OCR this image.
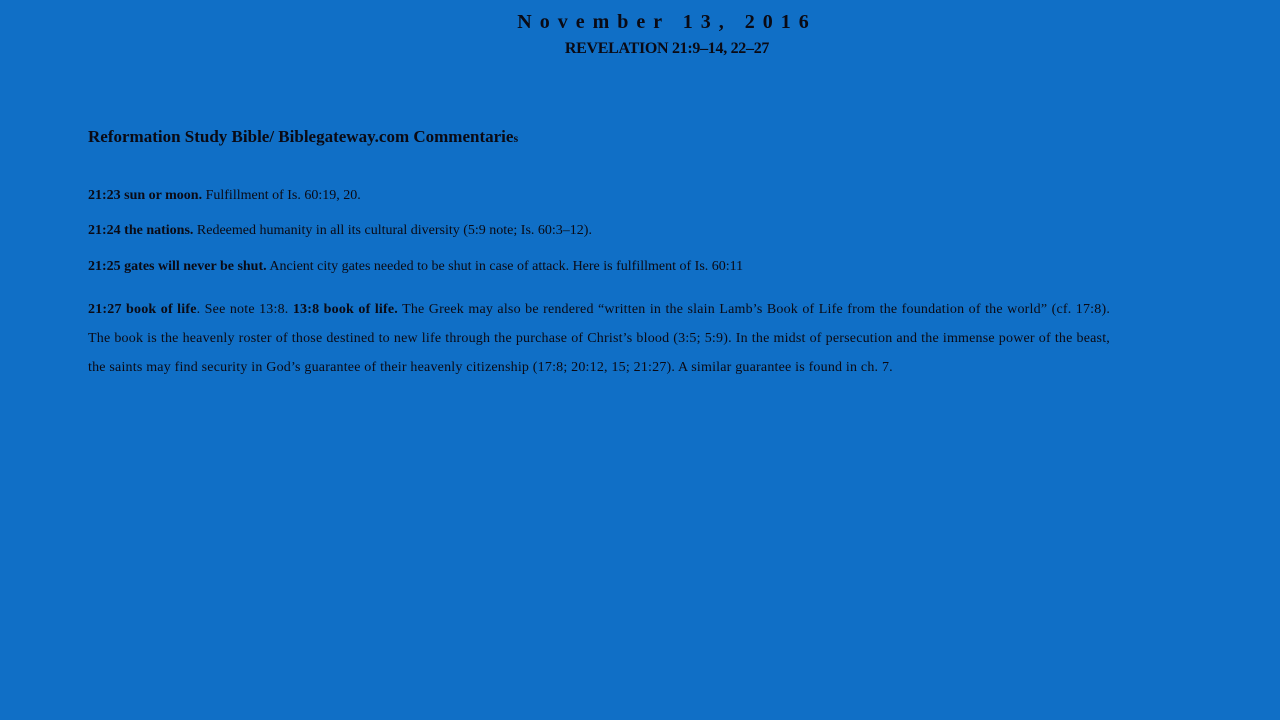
November 13, 2016
REVELATION 21:9–14, 22–27
Reformation Study Bible/ Biblegateway.com Commentaries
21:23 sun or moon. Fulfillment of Is. 60:19, 20.
21:24 the nations. Redeemed humanity in all its cultural diversity (5:9 note; Is. 60:3–12).
21:25 gates will never be shut. Ancient city gates needed to be shut in case of attack. Here is fulfillment of Is. 60:11
21:27 book of life. See note 13:8. 13:8 book of life. The Greek may also be rendered “written in the slain Lamb’s Book of Life from the foundation of the world” (cf. 17:8). The book is the heavenly roster of those destined to new life through the purchase of Christ’s blood (3:5; 5:9). In the midst of persecution and the immense power of the beast, the saints may find security in God’s guarantee of their heavenly citizenship (17:8; 20:12, 15; 21:27). A similar guarantee is found in ch. 7.
